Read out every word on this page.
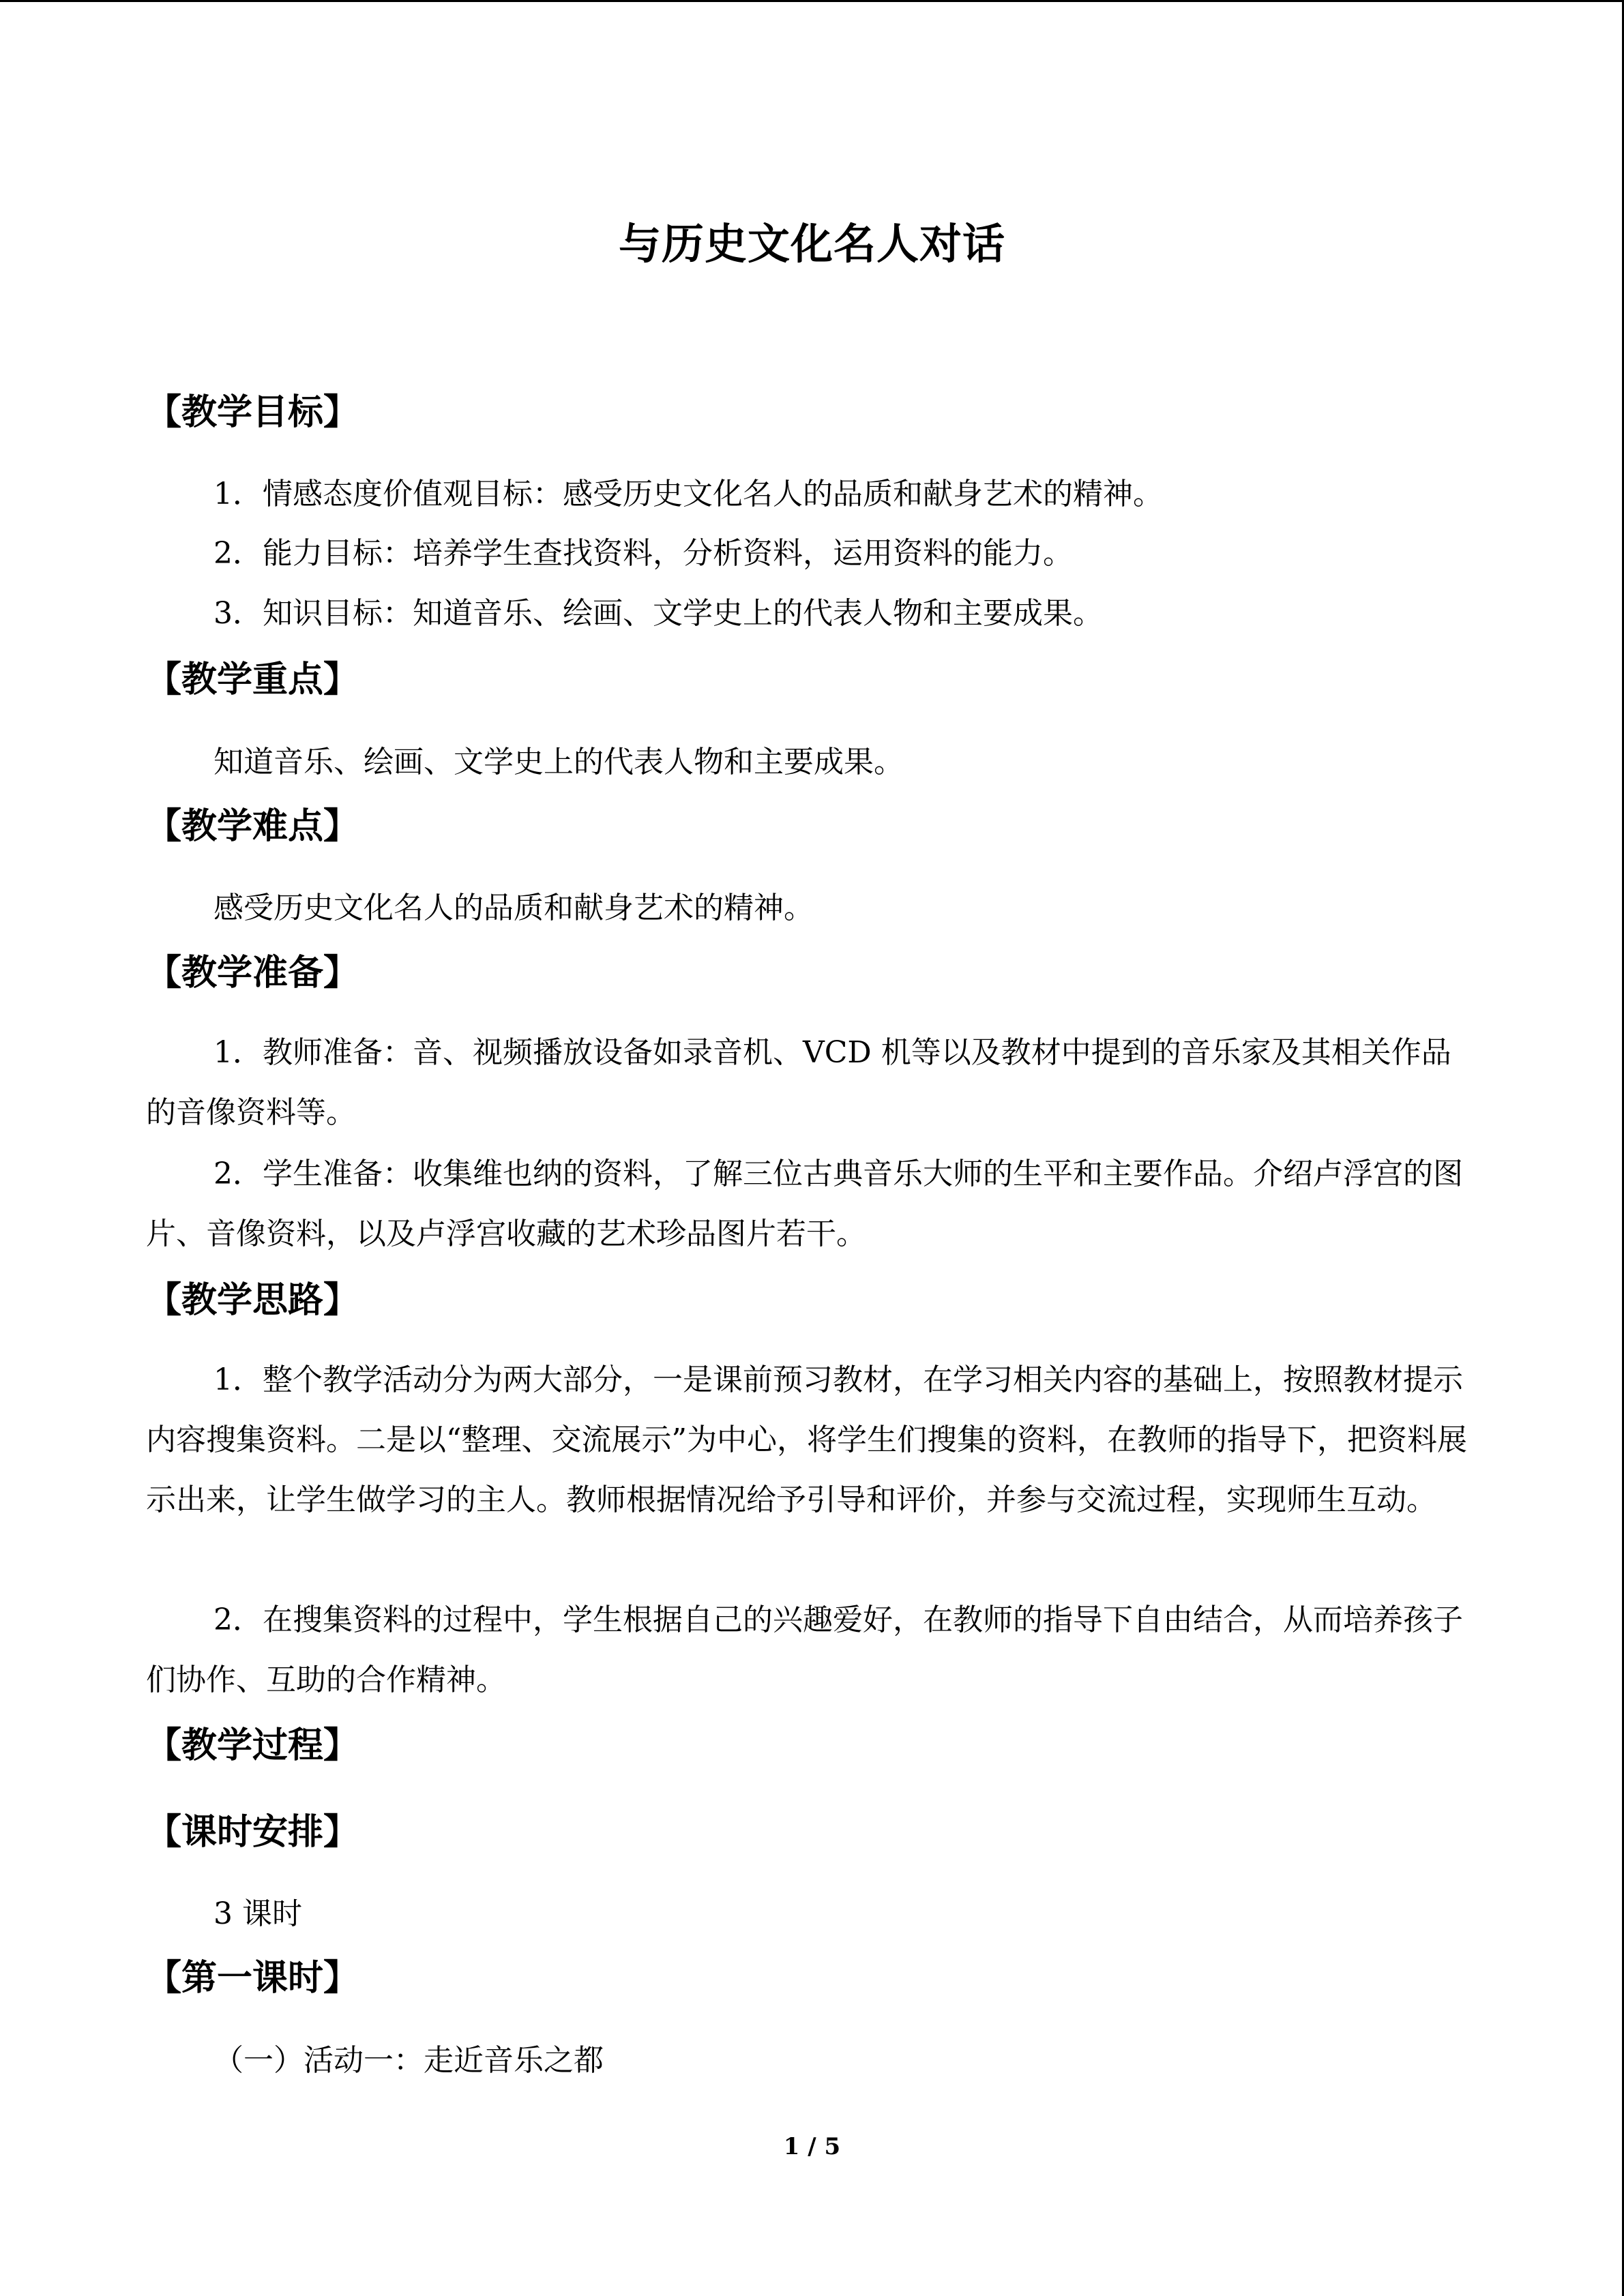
与历史文化名人对话
【教学目标】
1．情感态度价值观目标：感受历史文化名人的品质和献身艺术的精神。
2．能力目标：培养学生查找资料，分析资料，运用资料的能力。
3．知识目标：知道音乐、绘画、文学史上的代表人物和主要成果。
【教学重点】
知道音乐、绘画、文学史上的代表人物和主要成果。
【教学难点】
感受历史文化名人的品质和献身艺术的精神。
【教学准备】
1．教师准备：音、视频播放设备如录音机、VCD 机等以及教材中提到的音乐家及其相关作品的音像资料等。
2．学生准备：收集维也纳的资料，了解三位古典音乐大师的生平和主要作品。介绍卢浮宫的图片、音像资料，以及卢浮宫收藏的艺术珍品图片若干。
【教学思路】
1．整个教学活动分为两大部分，一是课前预习教材，在学习相关内容的基础上，按照教材提示内容搜集资料。二是以“整理、交流展示”为中心，将学生们搜集的资料，在教师的指导下，把资料展示出来，让学生做学习的主人。教师根据情况给予引导和评价，并参与交流过程，实现师生互动。
2．在搜集资料的过程中，学生根据自己的兴趣爱好，在教师的指导下自由结合，从而培养孩子们协作、互助的合作精神。
【教学过程】
【课时安排】
3 课时
【第一课时】
（一）活动一：走近音乐之都
1 / 5
